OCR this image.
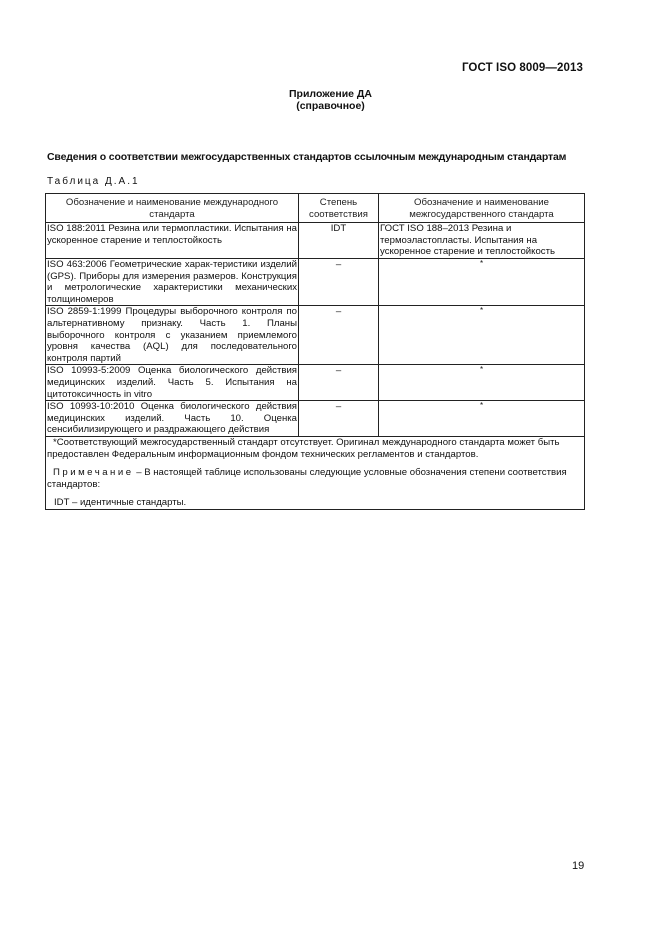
ГОСТ ISO 8009—2013
Приложение ДА
(справочное)
Сведения о соответствии межгосударственных стандартов ссылочным международным стандартам
Таблица Д.А.1
Обозначение и наименование международного стандарта	Степень соответствия	Обозначение и наименование межгосударственного стандарта
ISO 188:2011 Резина или термопластики. Испытания на ускоренное старение и теплостойкость	IDT	ГОСТ ISO 188–2013 Резина и термоэластопласты. Испытания на ускоренное старение и теплостойкость
ISO 463:2006 Геометрические харак-теристики изделий (GPS). Приборы для измерения размеров. Конструкция и метрологические характеристики механических толщиномеров	–	*

ISO 2859-1:1999 Процедуры выборочного контроля по альтернативному признаку. Часть 1. Планы выборочного контроля с указанием приемлемого уровня качества (AQL) для последовательного контроля партий	–	*

ISO 10993-5:2009 Оценка биологического действия медицинских изделий. Часть 5. Испытания на цитотоксичность in vitro	–	*

ISO 10993-10:2010 Оценка биологического действия медицинских изделий. Часть 10. Оценка сенсибилизирующего и раздражающего действия	–	*

*Соответствующий межгосударственный стандарт отсутствует. Оригинал международного стандарта может быть предоставлен Федеральным информационным фондом технических регламентов и стандартов.
Примечание – В настоящей таблице использованы следующие условные обозначения степени соответствия стандартов:
IDT – идентичные стандарты.		
19
